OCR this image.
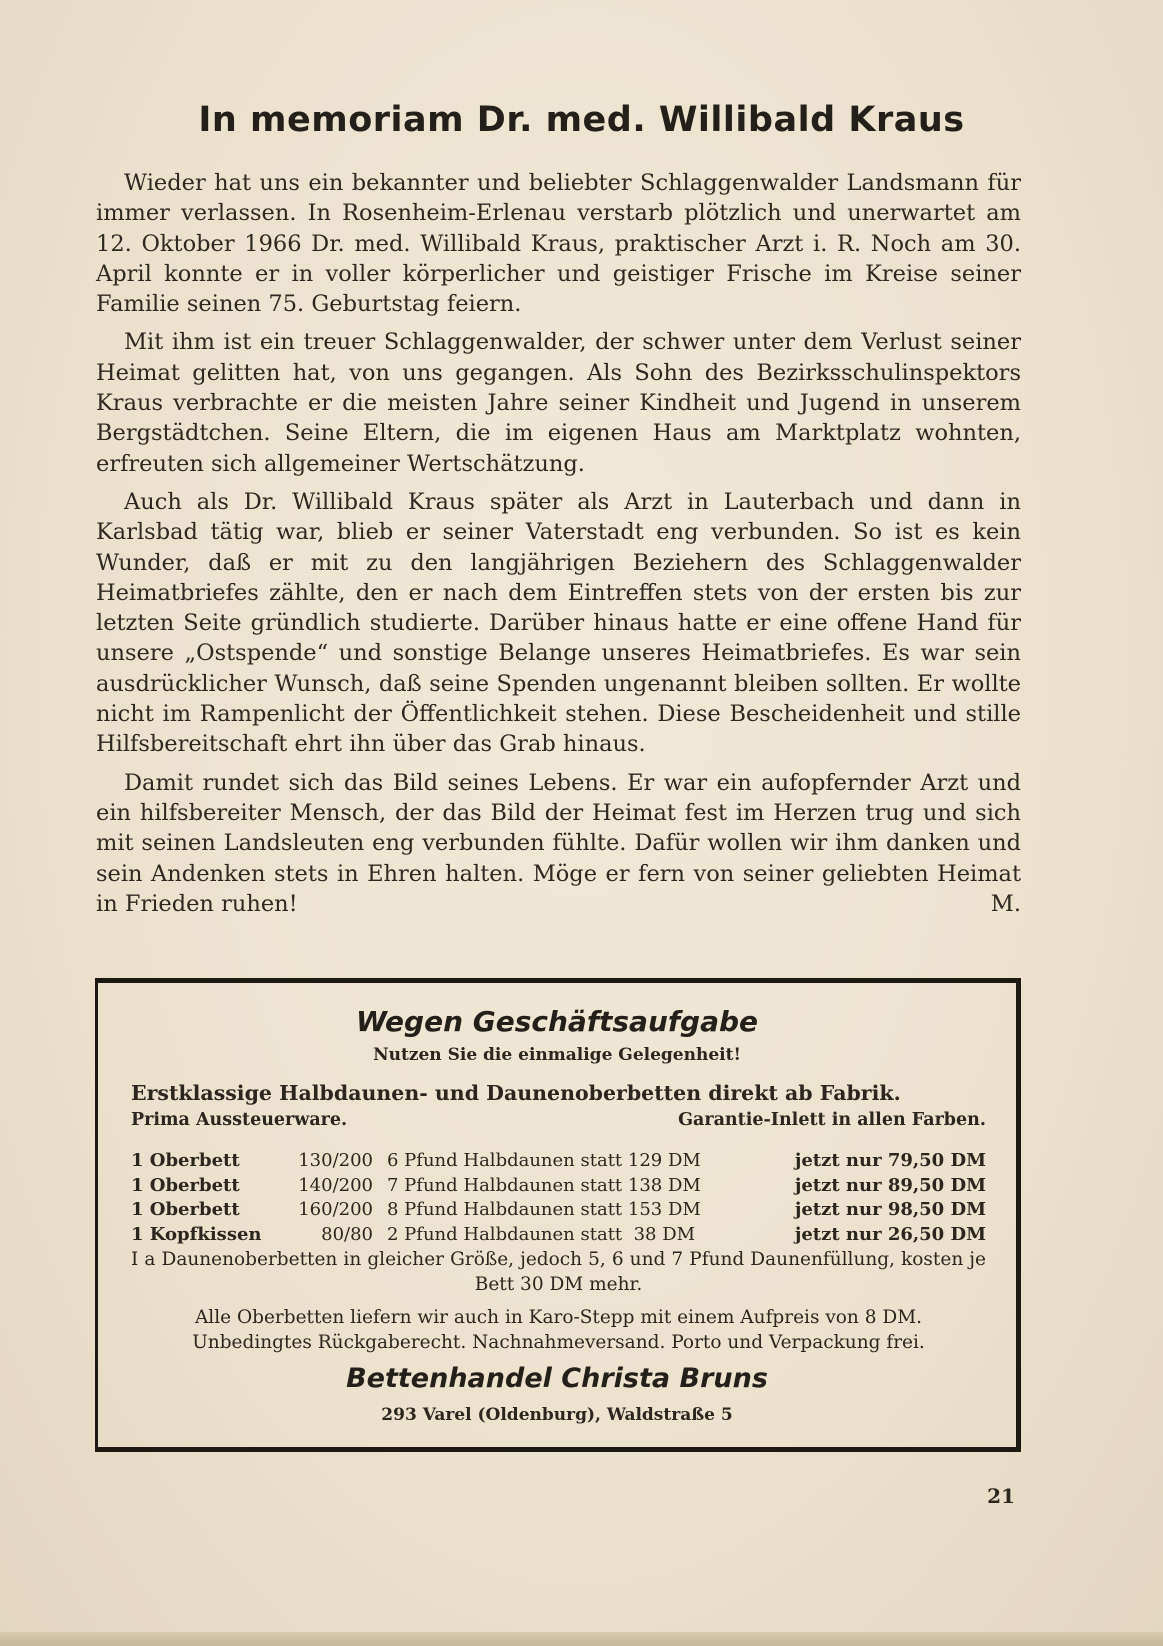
In memoriam Dr. med. Willibald Kraus

Wieder hat uns ein bekannter und beliebter Schlaggenwalder Landsmann für immer verlassen. In Rosenheim-Erlenau verstarb plötzlich und unerwartet am 12. Oktober 1966 Dr. med. Willibald Kraus, praktischer Arzt i. R. Noch am 30. April konnte er in voller körperlicher und geistiger Frische im Kreise seiner Familie seinen 75. Geburtstag feiern.

Mit ihm ist ein treuer Schlaggenwalder, der schwer unter dem Verlust seiner Heimat gelitten hat, von uns gegangen. Als Sohn des Bezirksschulinspektors Kraus verbrachte er die meisten Jahre seiner Kindheit und Jugend in unserem Bergstädtchen. Seine Eltern, die im eigenen Haus am Marktplatz wohnten, erfreuten sich allgemeiner Wertschätzung.

Auch als Dr. Willibald Kraus später als Arzt in Lauterbach und dann in Karlsbad tätig war, blieb er seiner Vaterstadt eng verbunden. So ist es kein Wunder, daß er mit zu den langjährigen Beziehern des Schlaggenwalder Heimatbriefes zählte, den er nach dem Eintreffen stets von der ersten bis zur letzten Seite gründlich studierte. Darüber hinaus hatte er eine offene Hand für unsere „Ostspende“ und sonstige Belange unseres Heimatbriefes. Es war sein ausdrücklicher Wunsch, daß seine Spenden ungenannt bleiben sollten. Er wollte nicht im Rampenlicht der Öffentlichkeit stehen. Diese Bescheidenheit und stille Hilfsbereitschaft ehrt ihn über das Grab hinaus.

Damit rundet sich das Bild seines Lebens. Er war ein aufopfernder Arzt und ein hilfsbereiter Mensch, der das Bild der Heimat fest im Herzen trug und sich mit seinen Landsleuten eng verbunden fühlte. Dafür wollen wir ihm danken und sein Andenken stets in Ehren halten. Möge er fern von seiner geliebten Heimat in Frieden ruhen!	M.

Wegen Geschäftsaufgabe
Nutzen Sie die einmalige Gelegenheit!
Erstklassige Halbdaunen- und Daunenoberbetten direkt ab Fabrik.
Prima Aussteuerware.	Garantie-Inlett in allen Farben.
1 Oberbett	130/200 6 Pfund Halbdaunen statt 129 DM	jetzt nur 79,50 DM
1 Oberbett	140/200 7 Pfund Halbdaunen statt 138 DM	jetzt nur 89,50 DM
1 Oberbett	160/200 8 Pfund Halbdaunen statt 153 DM	jetzt nur 98,50 DM
1 Kopfkissen	80/80 2 Pfund Halbdaunen statt  38 DM	jetzt nur 26,50 DM
I a Daunenoberbetten in gleicher Größe, jedoch 5, 6 und 7 Pfund Daunenfüllung, kosten je Bett 30 DM mehr.
Alle Oberbetten liefern wir auch in Karo-Stepp mit einem Aufpreis von 8 DM.
Unbedingtes Rückgaberecht. Nachnahmeversand. Porto und Verpackung frei.
Bettenhandel Christa Bruns
293 Varel (Oldenburg), Waldstraße 5
21
